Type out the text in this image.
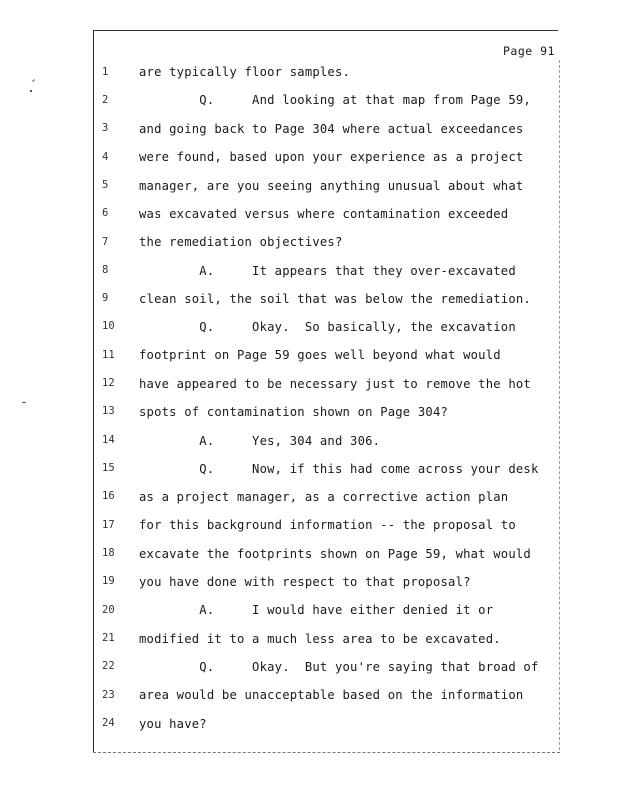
Page 91
1	are typically floor samples.
2	Q.     And looking at that map from Page 59,
3	and going back to Page 304 where actual exceedances
4	were found, based upon your experience as a project
5	manager, are you seeing anything unusual about what
6	was excavated versus where contamination exceeded
7	the remediation objectives?
8	A.     It appears that they over-excavated
9	clean soil, the soil that was below the remediation.
10	Q.     Okay.  So basically, the excavation
11	footprint on Page 59 goes well beyond what would
12	have appeared to be necessary just to remove the hot
13	spots of contamination shown on Page 304?
14	A.     Yes, 304 and 306.
15	Q.     Now, if this had come across your desk
16	as a project manager, as a corrective action plan
17	for this background information -- the proposal to
18	excavate the footprints shown on Page 59, what would
19	you have done with respect to that proposal?
20	A.     I would have either denied it or
21	modified it to a much less area to be excavated.
22	Q.     Okay.  But you're saying that broad of
23	area would be unacceptable based on the information
24	you have?
